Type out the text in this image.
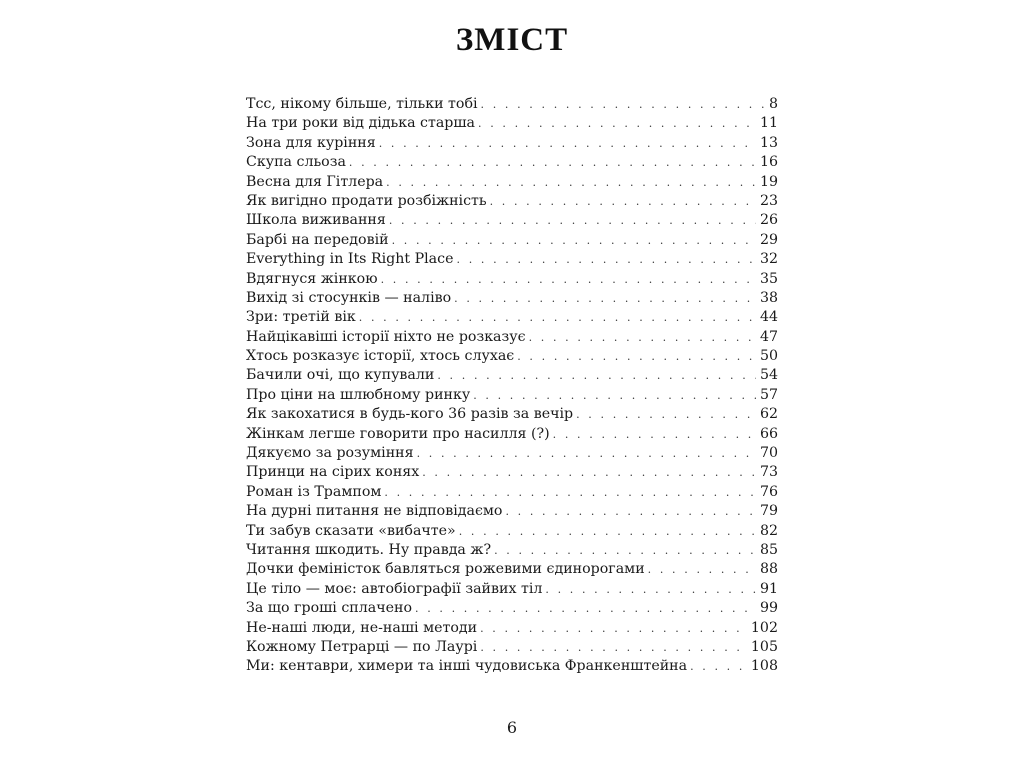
ЗМІСТ
Тсс, нікому більше, тільки тобі . . .	8
На три роки від дідька старша . . .	11
Зона для куріння . . .	13
Скупа сльоза . . .	16
Весна для Гітлера . . .	19
Як вигідно продати розбіжність . . .	23
Школа виживання . . .	26
Барбі на передовій . . .	29
Everything in Its Right Place . . .	32
Вдягнуся жінкою . . .	35
Вихід зі стосунків — наліво . . .	38
Зри: третій вік . . .	44
Найцікавіші історії ніхто не розказує . . .	47
Хтось розказує історії, хтось слухає . . .	50
Бачили очі, що купували . . .	54
Про ціни на шлюбному ринку . . .	57
Як закохатися в будь-кого 36 разів за вечір . . .	62
Жінкам легше говорити про насилля (?) . . .	66
Дякуємо за розуміння . . .	70
Принци на сірих конях . . .	73
Роман із Трампом . . .	76
На дурні питання не відповідаємо . . .	79
Ти забув сказати «вибачте» . . .	82
Читання шкодить. Ну правда ж? . . .	85
Дочки феміністок бавляться рожевими єдинорогами . . .	88
Це тіло — моє: автобіографії зайвих тіл . . .	91
За що гроші сплачено . . .	99
Не-наші люди, не-наші методи . . .	102
Кожному Петрарці — по Лаурі . . .	105
Ми: кентаври, химери та інші чудовиська Франкенштейна . . .	108
6
